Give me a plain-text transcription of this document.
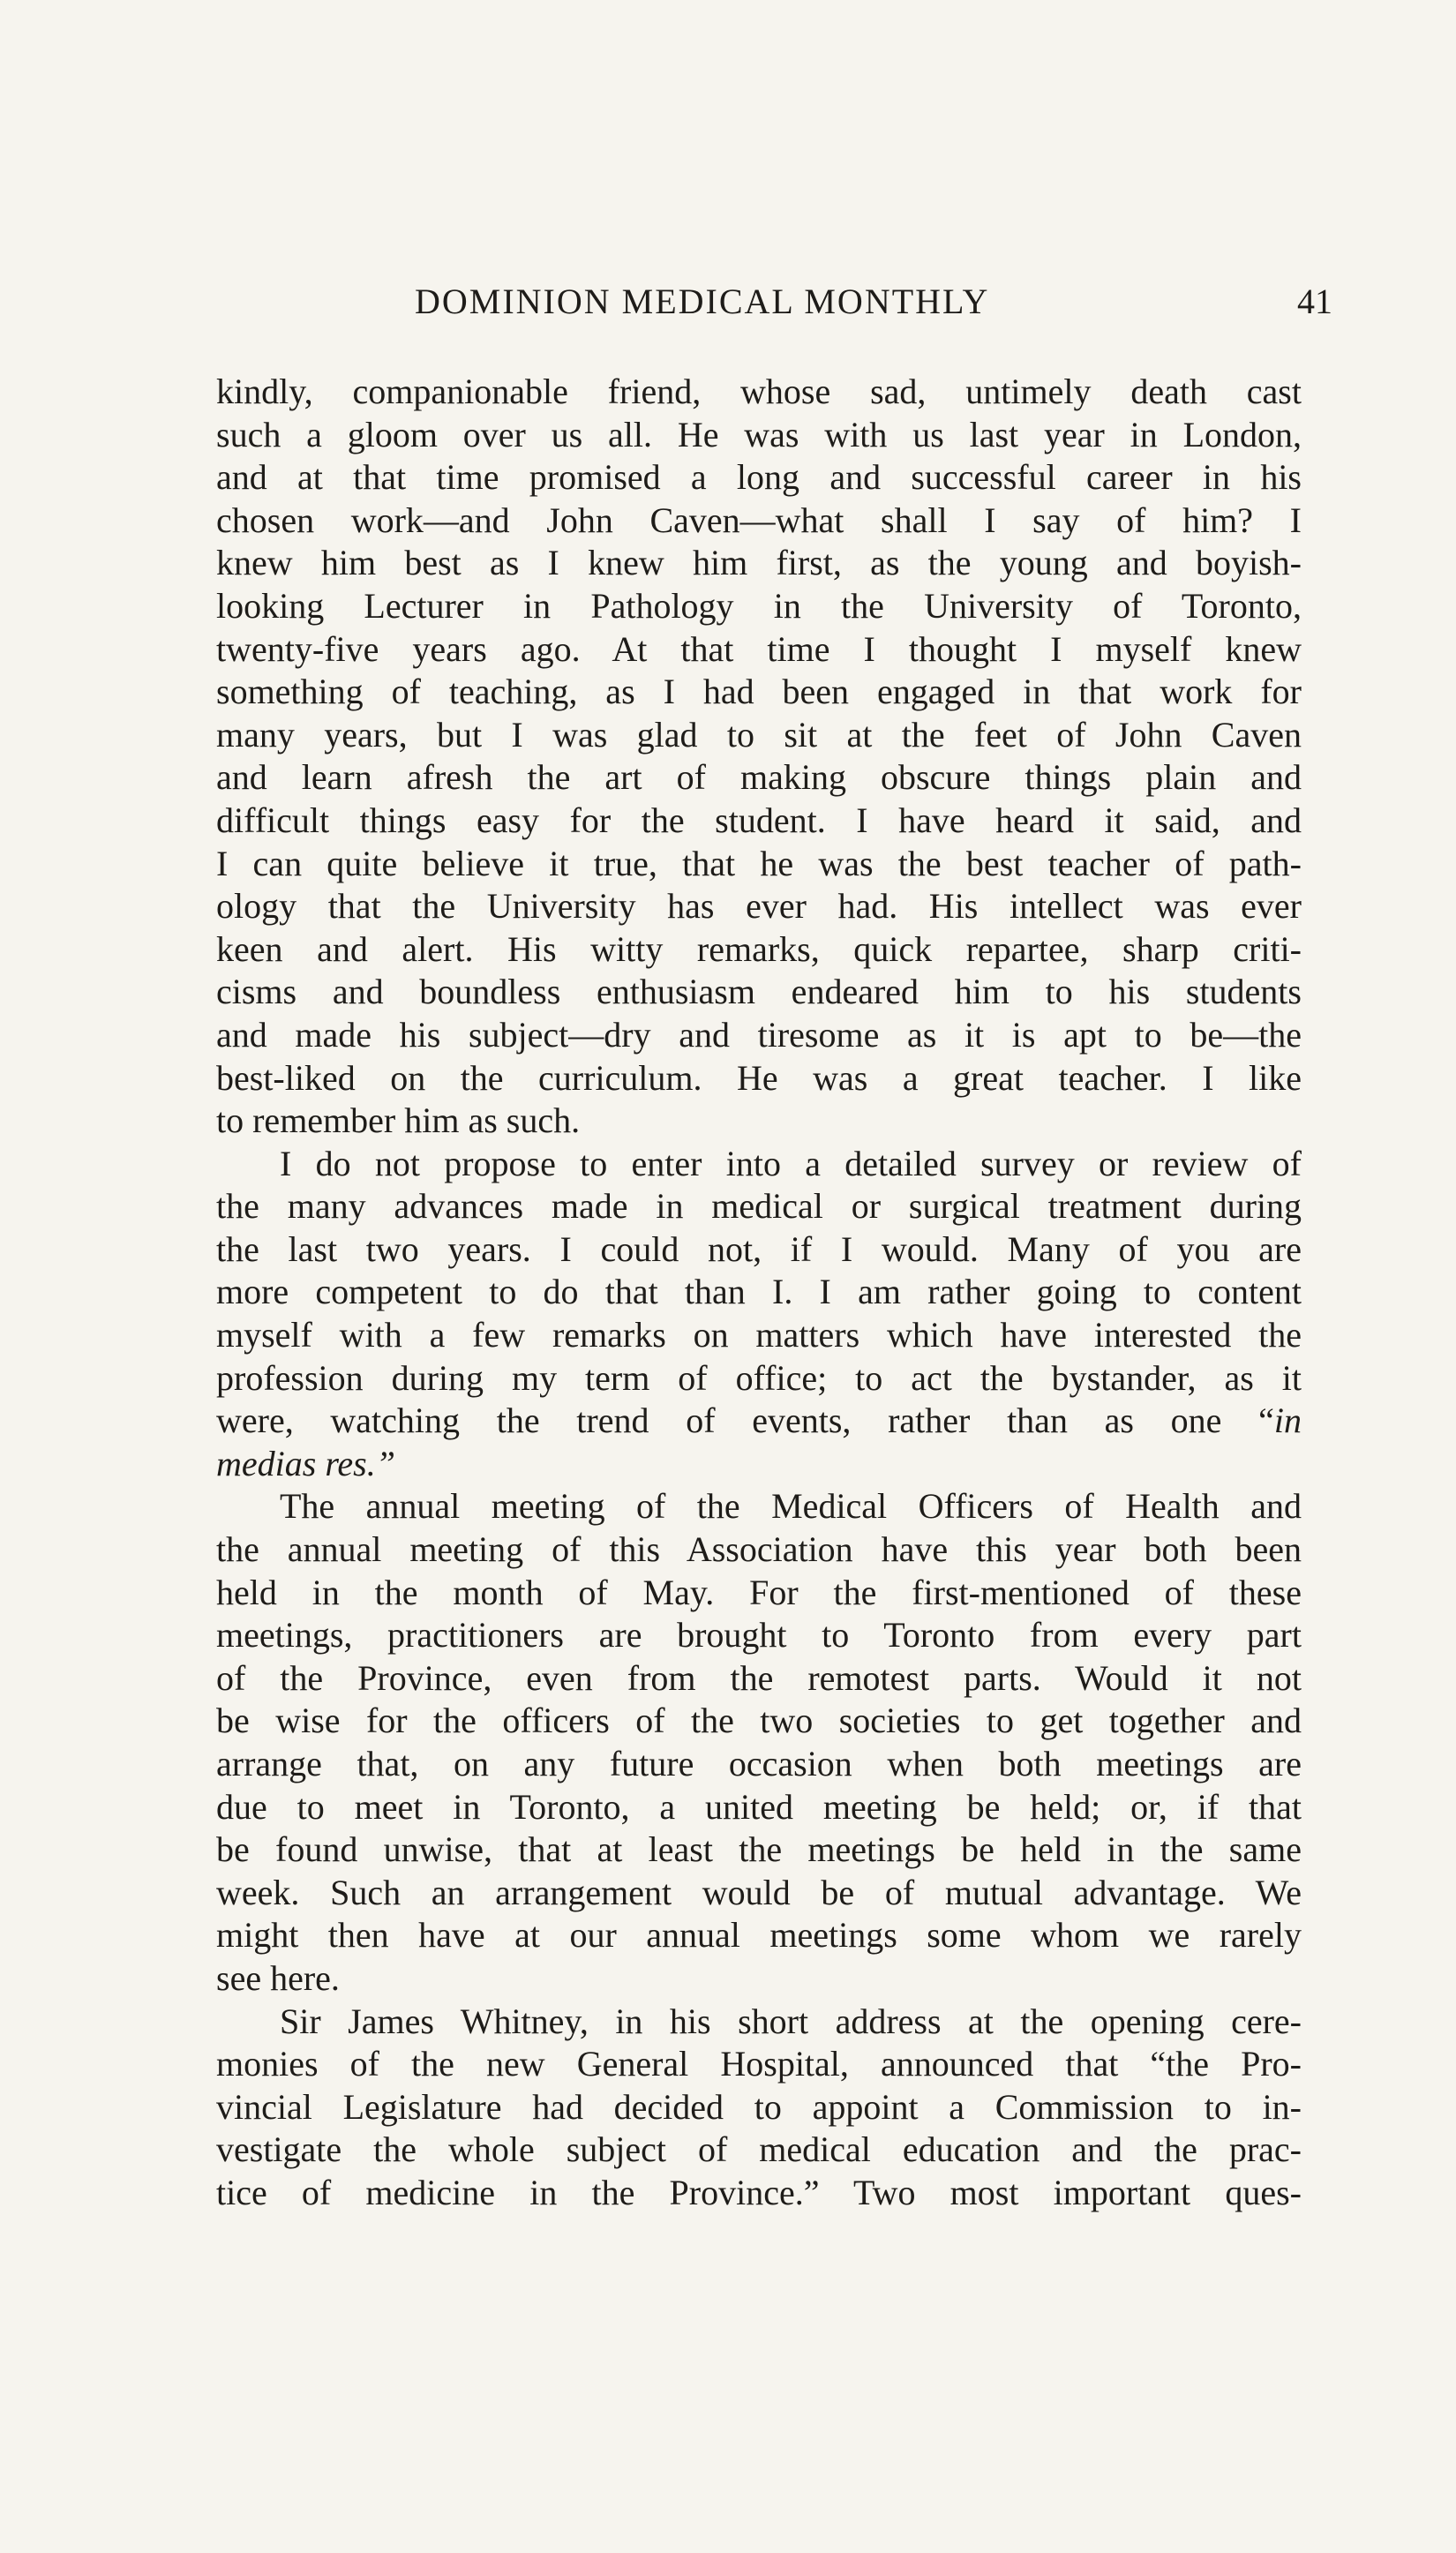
DOMINION MEDICAL MONTHLY	41
kindly, companionable friend, whose sad, untimely death cast
such a gloom over us all. He was with us last year in London,
and at that time promised a long and successful career in his
chosen work—and John Caven—what shall I say of him? I
knew him best as I knew him first, as the young and boyish-
looking Lecturer in Pathology in the University of Toronto,
twenty-five years ago. At that time I thought I myself knew
something of teaching, as I had been engaged in that work for
many years, but I was glad to sit at the feet of John Caven
and learn afresh the art of making obscure things plain and
difficult things easy for the student. I have heard it said, and
I can quite believe it true, that he was the best teacher of path-
ology that the University has ever had. His intellect was ever
keen and alert. His witty remarks, quick repartee, sharp criti-
cisms and boundless enthusiasm endeared him to his students
and made his subject—dry and tiresome as it is apt to be—the
best-liked on the curriculum. He was a great teacher. I like
to remember him as such.
I do not propose to enter into a detailed survey or review of
the many advances made in medical or surgical treatment during
the last two years. I could not, if I would. Many of you are
more competent to do that than I. I am rather going to content
myself with a few remarks on matters which have interested the
profession during my term of office; to act the bystander, as it
were, watching the trend of events, rather than as one “in
medias res.”
The annual meeting of the Medical Officers of Health and
the annual meeting of this Association have this year both been
held in the month of May. For the first-mentioned of these
meetings, practitioners are brought to Toronto from every part
of the Province, even from the remotest parts. Would it not
be wise for the officers of the two societies to get together and
arrange that, on any future occasion when both meetings are
due to meet in Toronto, a united meeting be held; or, if that
be found unwise, that at least the meetings be held in the same
week. Such an arrangement would be of mutual advantage. We
might then have at our annual meetings some whom we rarely
see here.
Sir James Whitney, in his short address at the opening cere-
monies of the new General Hospital, announced that “the Pro-
vincial Legislature had decided to appoint a Commission to in-
vestigate the whole subject of medical education and the prac-
tice of medicine in the Province.” Two most important ques-
